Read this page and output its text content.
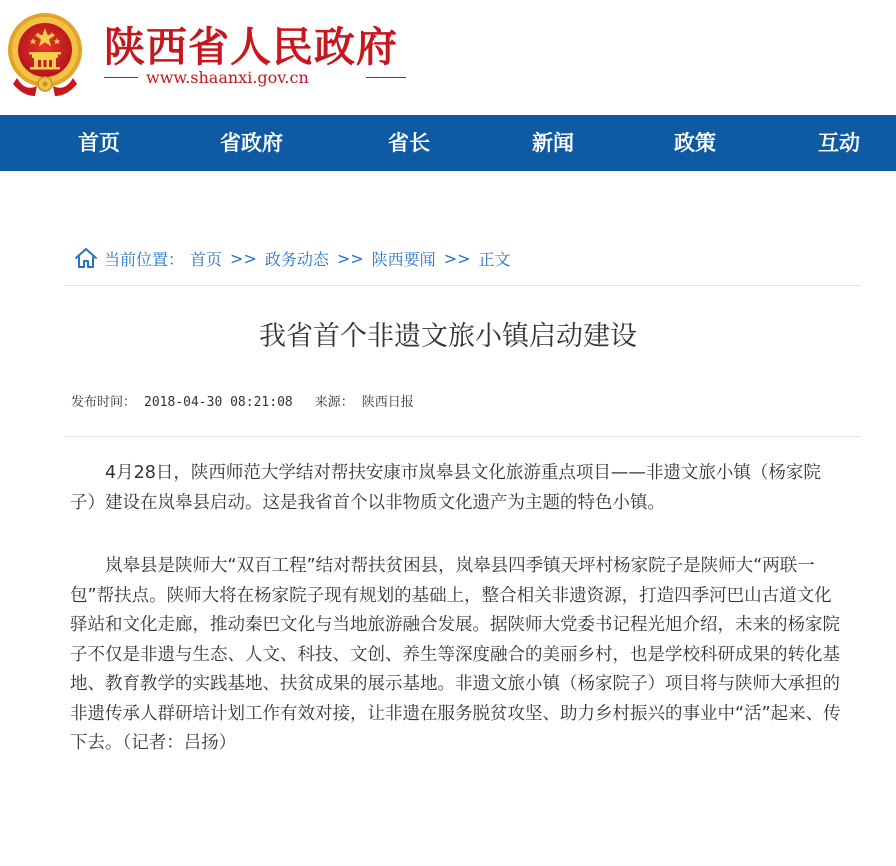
陕西省人民政府
www.shaanxi.gov.cn
首页	省政府	省长	新闻	政策	互动
当前位置： 首页 >> 政务动态 >> 陕西要闻 >> 正文
我省首个非遗文旅小镇启动建设
发布时间： 2018-04-30 08:21:08 来源： 陕西日报

4月28日，陕西师范大学结对帮扶安康市岚皋县文化旅游重点项目——非遗文旅小镇（杨家院子）建设在岚皋县启动。这是我省首个以非物质文化遗产为主题的特色小镇。

岚皋县是陕师大“双百工程”结对帮扶贫困县，岚皋县四季镇天坪村杨家院子是陕师大“两联一包”帮扶点。陕师大将在杨家院子现有规划的基础上，整合相关非遗资源，打造四季河巴山古道文化驿站和文化走廊，推动秦巴文化与当地旅游融合发展。据陕师大党委书记程光旭介绍，未来的杨家院子不仅是非遗与生态、人文、科技、文创、养生等深度融合的美丽乡村，也是学校科研成果的转化基地、教育教学的实践基地、扶贫成果的展示基地。非遗文旅小镇（杨家院子）项目将与陕师大承担的非遗传承人群研培计划工作有效对接，让非遗在服务脱贫攻坚、助力乡村振兴的事业中“活”起来、传下去。（记者：吕扬）
